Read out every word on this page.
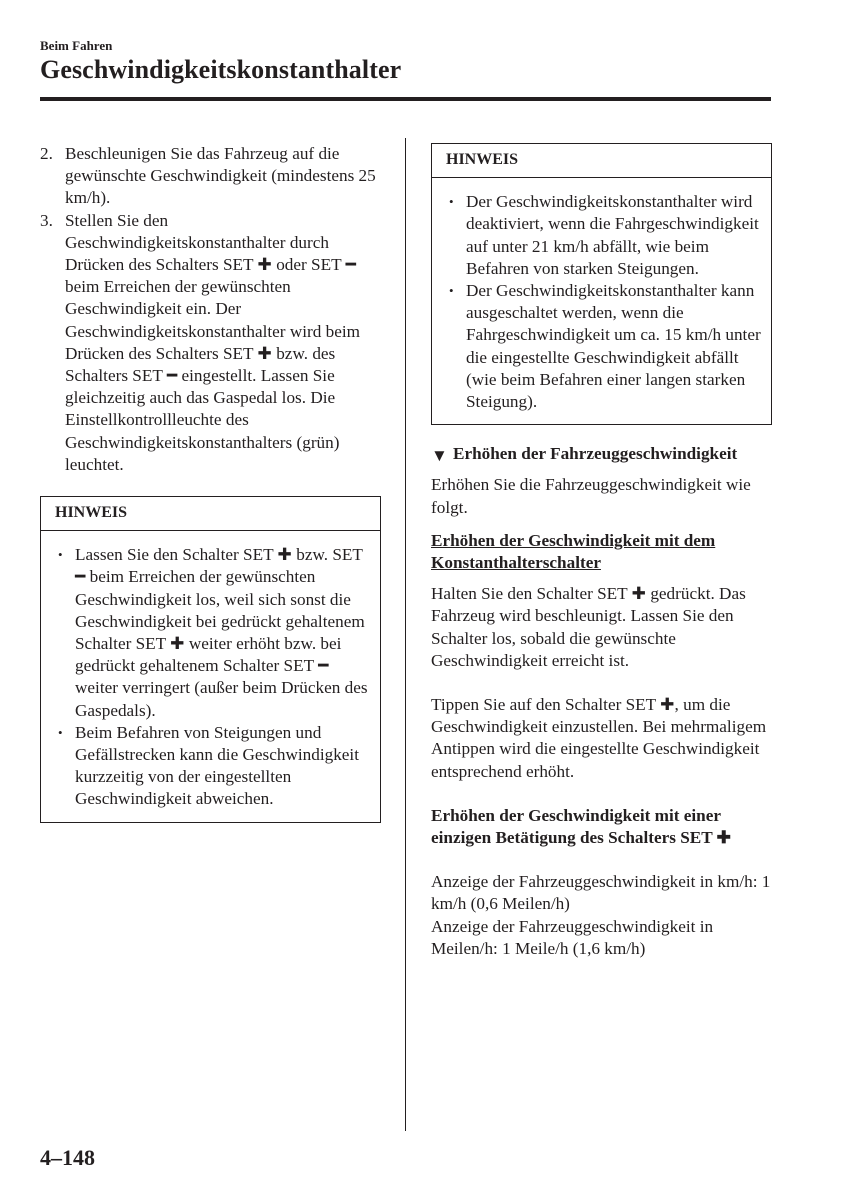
Beim Fahren
Geschwindigkeitskonstanthalter
2. Beschleunigen Sie das Fahrzeug auf die gewünschte Geschwindigkeit (mindestens 25 km/h).
3. Stellen Sie den Geschwindigkeitskonstanthalter durch Drücken des Schalters SET ✚ oder SET ━ beim Erreichen der gewünschten Geschwindigkeit ein. Der Geschwindigkeitskonstanthalter wird beim Drücken des Schalters SET ✚ bzw. des Schalters SET ━ eingestellt. Lassen Sie gleichzeitig auch das Gaspedal los. Die Einstellkontrollleuchte des Geschwindigkeitskonstanthalters (grün) leuchtet.
HINWEIS
• Lassen Sie den Schalter SET ✚ bzw. SET ━ beim Erreichen der gewünschten Geschwindigkeit los, weil sich sonst die Geschwindigkeit bei gedrückt gehaltenem Schalter SET ✚ weiter erhöht bzw. bei gedrückt gehaltenem Schalter SET ━ weiter verringert (außer beim Drücken des Gaspedals).
• Beim Befahren von Steigungen und Gefällstrecken kann die Geschwindigkeit kurzzeitig von der eingestellten Geschwindigkeit abweichen.
HINWEIS
• Der Geschwindigkeitskonstanthalter wird deaktiviert, wenn die Fahrgeschwindigkeit auf unter 21 km/h abfällt, wie beim Befahren von starken Steigungen.
• Der Geschwindigkeitskonstanthalter kann ausgeschaltet werden, wenn die Fahrgeschwindigkeit um ca. 15 km/h unter die eingestellte Geschwindigkeit abfällt (wie beim Befahren einer langen starken Steigung).
▼ Erhöhen der Fahrzeuggeschwindigkeit

Erhöhen Sie die Fahrzeuggeschwindigkeit wie folgt.

Erhöhen der Geschwindigkeit mit dem Konstanthalterschalter

Halten Sie den Schalter SET ✚ gedrückt. Das Fahrzeug wird beschleunigt. Lassen Sie den Schalter los, sobald die gewünschte Geschwindigkeit erreicht ist.

Tippen Sie auf den Schalter SET ✚, um die Geschwindigkeit einzustellen. Bei mehrmaligem Antippen wird die eingestellte Geschwindigkeit entsprechend erhöht.

Erhöhen der Geschwindigkeit mit einer einzigen Betätigung des Schalters SET ✚

Anzeige der Fahrzeuggeschwindigkeit in km/h: 1 km/h (0,6 Meilen/h)

Anzeige der Fahrzeuggeschwindigkeit in Meilen/h: 1 Meile/h (1,6 km/h)

4–148
